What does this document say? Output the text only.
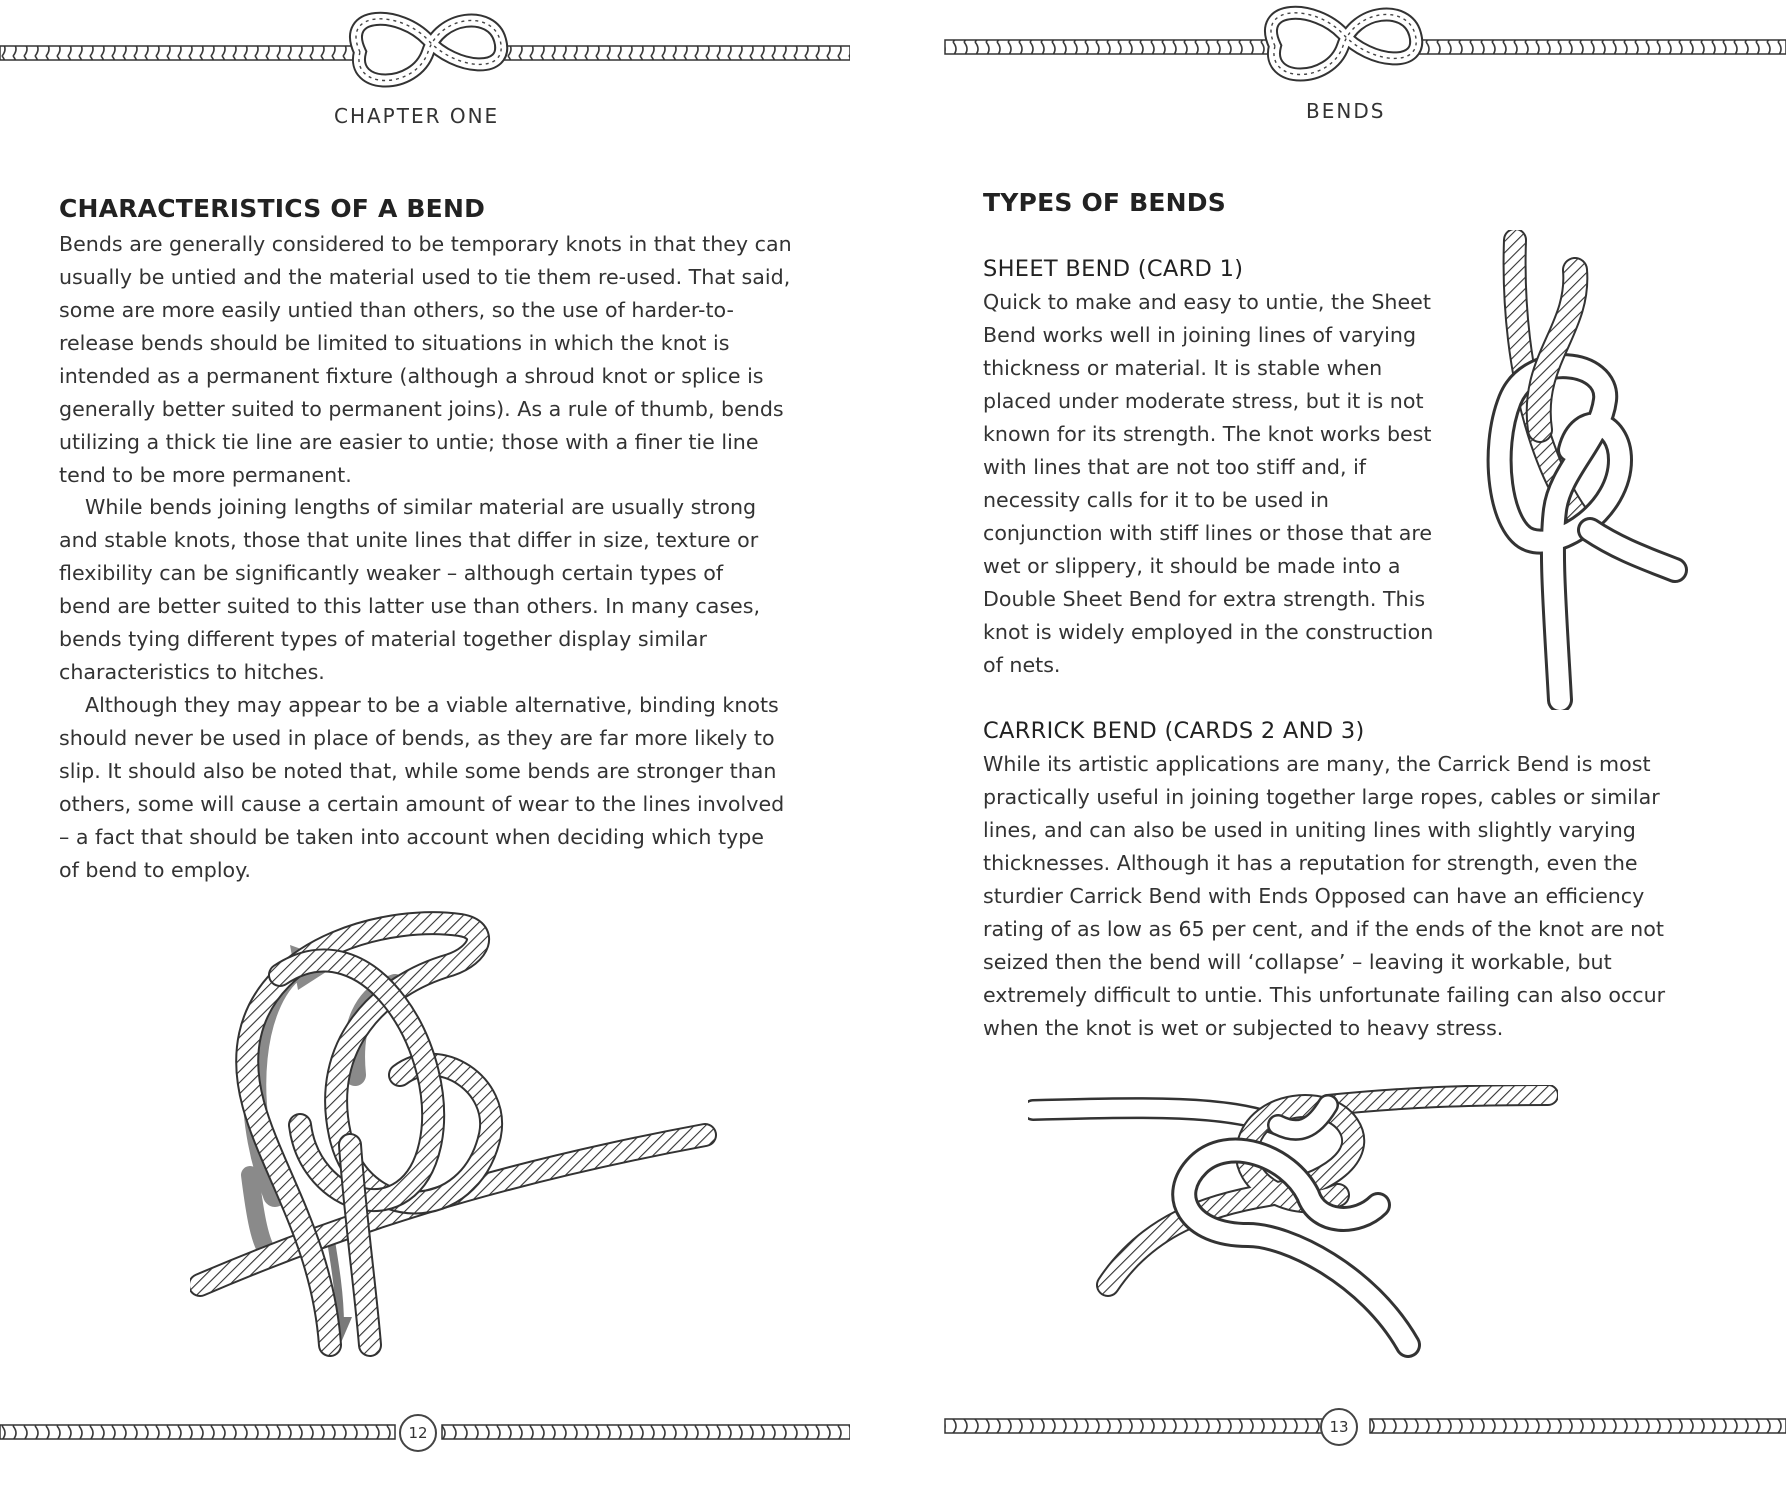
CHAPTER ONE
CHARACTERISTICS OF A BEND

Bends are generally considered to be temporary knots in that they can usually be untied and the material used to tie them re-used. That said, some are more easily untied than others, so the use of harder-to-release bends should be limited to situations in which the knot is intended as a permanent fixture (although a shroud knot or splice is generally better suited to permanent joins). As a rule of thumb, bends utilizing a thick tie line are easier to untie; those with a finer tie line tend to be more permanent.

While bends joining lengths of similar material are usually strong and stable knots, those that unite lines that differ in size, texture or flexibility can be significantly weaker – although certain types of bend are better suited to this latter use than others. In many cases, bends tying different types of material together display similar characteristics to hitches.

Although they may appear to be a viable alternative, binding knots should never be used in place of bends, as they are far more likely to slip. It should also be noted that, while some bends are stronger than others, some will cause a certain amount of wear to the lines involved – a fact that should be taken into account when deciding which type of bend to employ.

12
BENDS
TYPES OF BENDS
SHEET BEND (CARD 1)

Quick to make and easy to untie, the Sheet Bend works well in joining lines of varying thickness or material. It is stable when placed under moderate stress, but it is not known for its strength. The knot works best with lines that are not too stiff and, if necessity calls for it to be used in conjunction with stiff lines or those that are wet or slippery, it should be made into a Double Sheet Bend for extra strength. This knot is widely employed in the construction of nets.

CARRICK BEND (CARDS 2 AND 3)

While its artistic applications are many, the Carrick Bend is most practically useful in joining together large ropes, cables or similar lines, and can also be used in uniting lines with slightly varying thicknesses. Although it has a reputation for strength, even the sturdier Carrick Bend with Ends Opposed can have an efficiency rating of as low as 65 per cent, and if the ends of the knot are not seized then the bend will ‘collapse’ – leaving it workable, but extremely difficult to untie. This unfortunate failing can also occur when the knot is wet or subjected to heavy stress.

13
